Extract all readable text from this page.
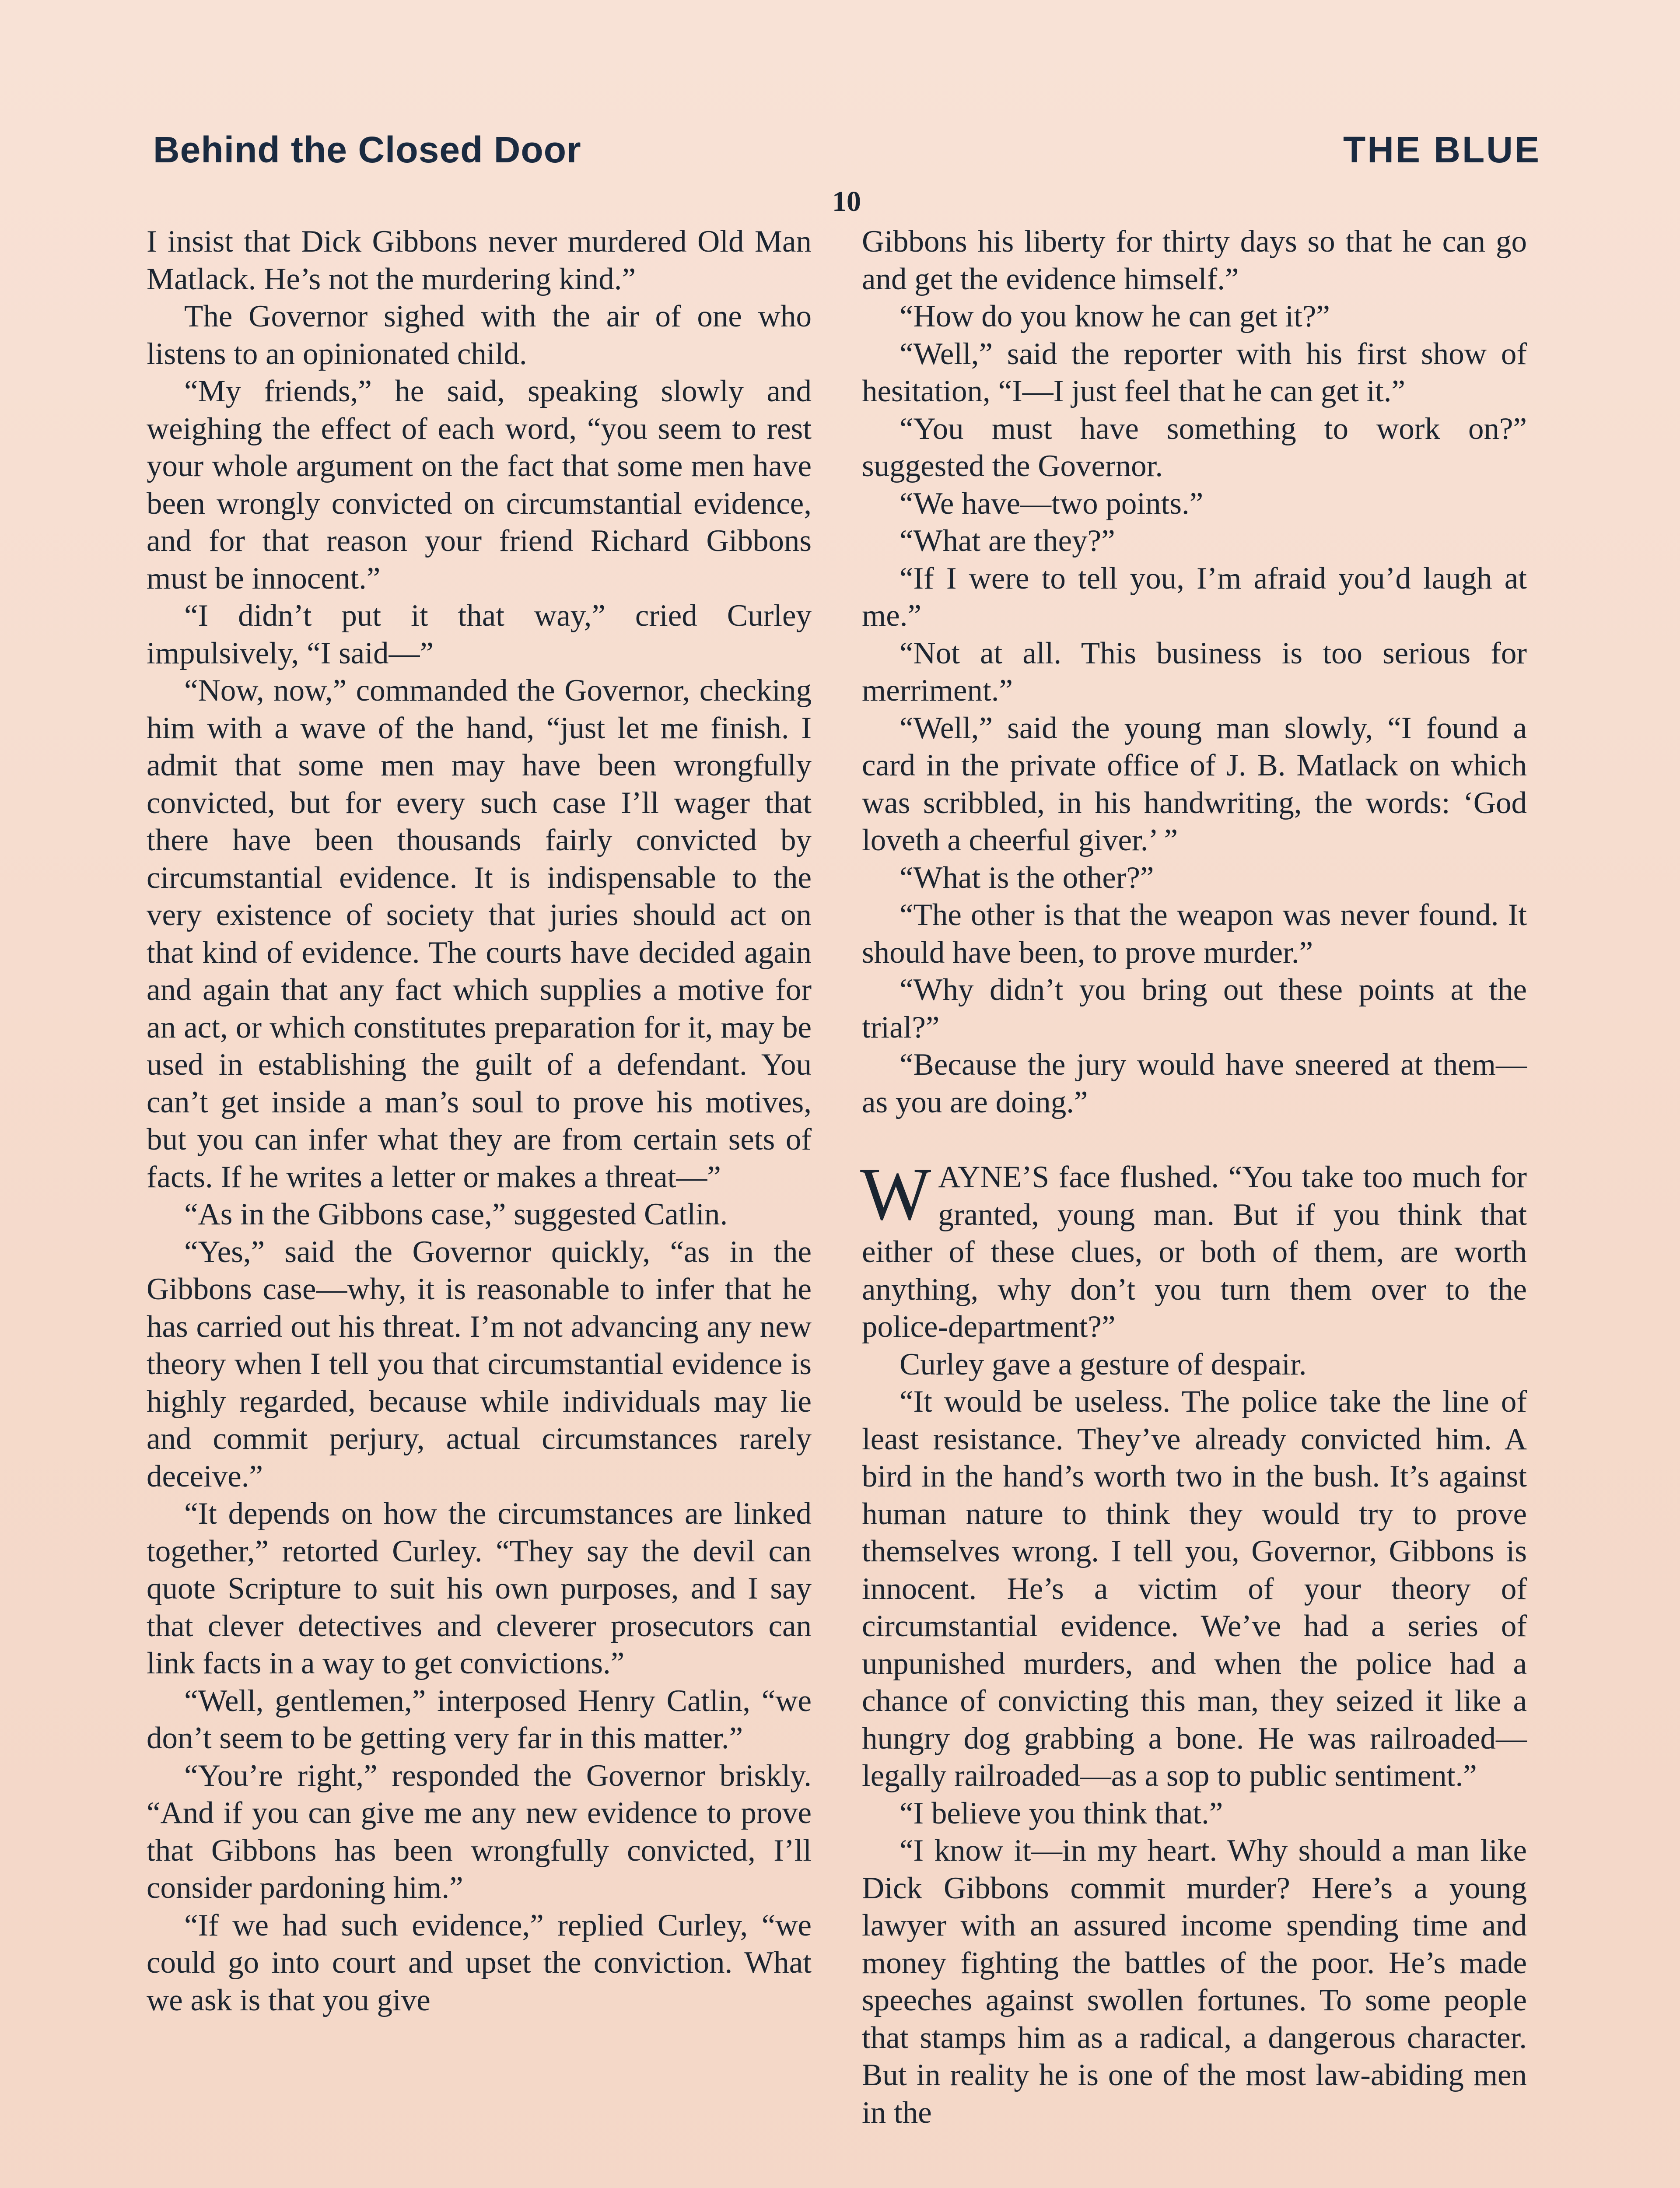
Behind the Closed Door	THE BLUE
10

I insist that Dick Gibbons never murdered Old Man Matlack. He’s not the murdering kind.”

The Governor sighed with the air of one who listens to an opinionated child.

“My friends,” he said, speaking slowly and weighing the effect of each word, “you seem to rest your whole argument on the fact that some men have been wrongly convicted on circumstantial evidence, and for that reason your friend Richard Gibbons must be innocent.”

“I didn’t put it that way,” cried Curley impulsively, “I said—”

“Now, now,” commanded the Governor, checking him with a wave of the hand, “just let me finish. I admit that some men may have been wrongfully convicted, but for every such case I’ll wager that there have been thousands fairly convicted by circumstantial evidence. It is indispensable to the very existence of society that juries should act on that kind of evidence. The courts have decided again and again that any fact which supplies a motive for an act, or which constitutes preparation for it, may be used in establishing the guilt of a defendant. You can’t get inside a man’s soul to prove his motives, but you can infer what they are from certain sets of facts. If he writes a letter or makes a threat—”

“As in the Gibbons case,” suggested Catlin.

“Yes,” said the Governor quickly, “as in the Gibbons case—why, it is reasonable to infer that he has carried out his threat. I’m not advancing any new theory when I tell you that circumstantial evidence is highly regarded, because while individuals may lie and commit perjury, actual circumstances rarely deceive.”

“It depends on how the circumstances are linked together,” retorted Curley. “They say the devil can quote Scripture to suit his own purposes, and I say that clever detectives and cleverer prosecutors can link facts in a way to get convictions.”

“Well, gentlemen,” interposed Henry Catlin, “we don’t seem to be getting very far in this matter.”

“You’re right,” responded the Governor briskly. “And if you can give me any new evidence to prove that Gibbons has been wrongfully convicted, I’ll consider pardoning him.”

“If we had such evidence,” replied Curley, “we could go into court and upset the conviction. What we ask is that you give

Gibbons his liberty for thirty days so that he can go and get the evidence himself.”

“How do you know he can get it?”

“Well,” said the reporter with his first show of hesitation, “I—I just feel that he can get it.”

“You must have something to work on?” suggested the Governor.

“We have—two points.”

“What are they?”

“If I were to tell you, I’m afraid you’d laugh at me.”

“Not at all. This business is too serious for merriment.”

“Well,” said the young man slowly, “I found a card in the private office of J. B. Matlack on which was scribbled, in his handwriting, the words: ‘God loveth a cheerful giver.’ ”

“What is the other?”

“The other is that the weapon was never found. It should have been, to prove murder.”

“Why didn’t you bring out these points at the trial?”

“Because the jury would have sneered at them—as you are doing.”

WAYNE’S face flushed. “You take too much for granted, young man. But if you think that either of these clues, or both of them, are worth anything, why don’t you turn them over to the police-department?”

Curley gave a gesture of despair.

“It would be useless. The police take the line of least resistance. They’ve already convicted him. A bird in the hand’s worth two in the bush. It’s against human nature to think they would try to prove themselves wrong. I tell you, Governor, Gibbons is innocent. He’s a victim of your theory of circumstantial evidence. We’ve had a series of unpunished murders, and when the police had a chance of convicting this man, they seized it like a hungry dog grabbing a bone. He was railroaded—legally railroaded—as a sop to public sentiment.”

“I believe you think that.”

“I know it—in my heart. Why should a man like Dick Gibbons commit murder? Here’s a young lawyer with an assured income spending time and money fighting the battles of the poor. He’s made speeches against swollen fortunes. To some people that stamps him as a radical, a dangerous character. But in reality he is one of the most law-abiding men in the
